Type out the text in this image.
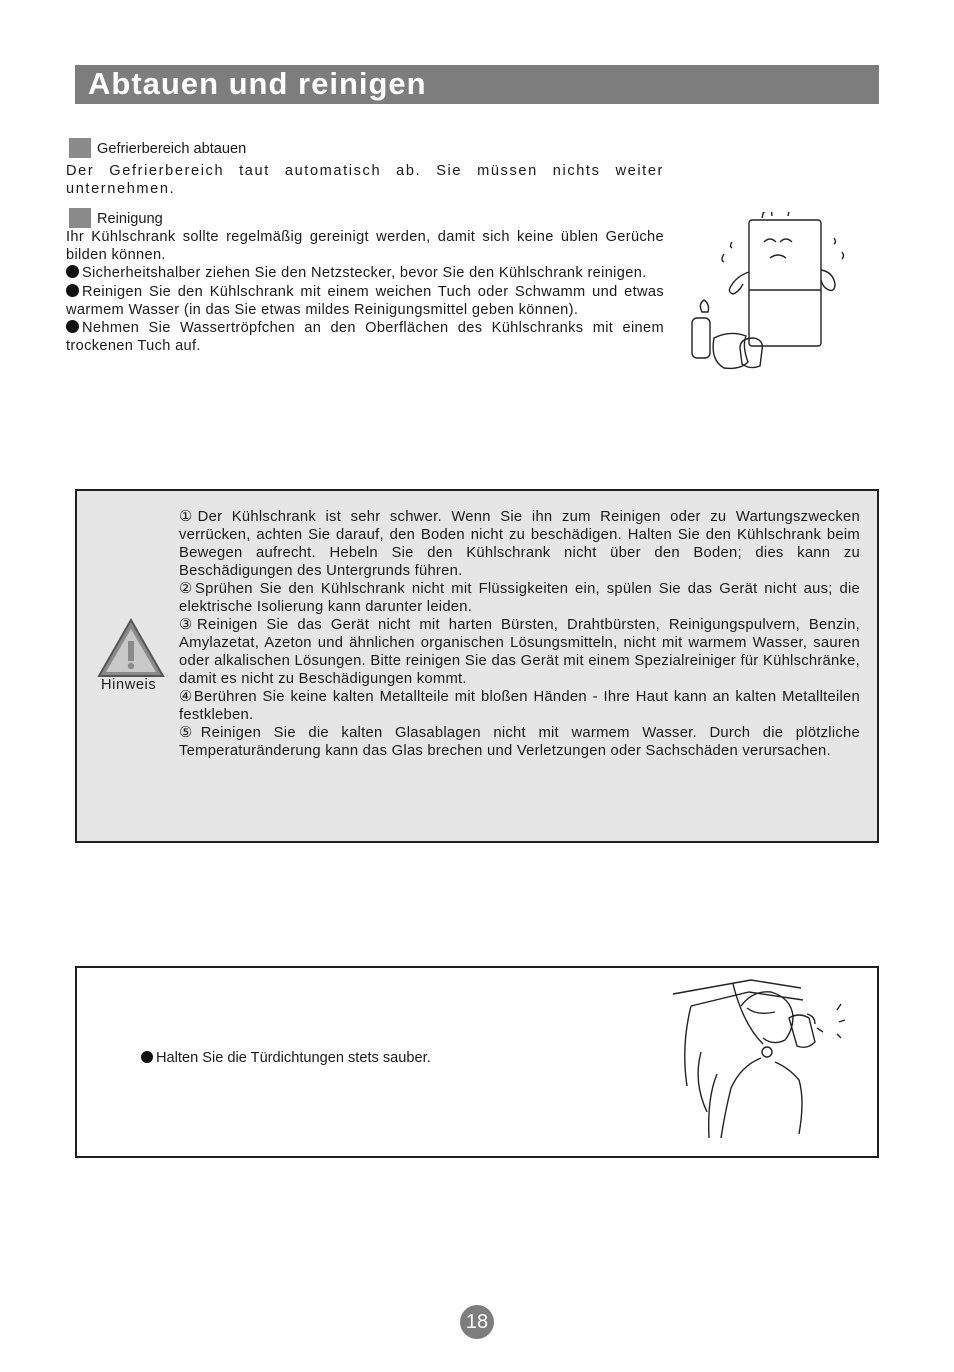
Abtauen und reinigen
Gefrierbereich abtauen
Der Gefrierbereich taut automatisch ab. Sie müssen nichts weiter unternehmen.
Reinigung
Ihr Kühlschrank sollte regelmäßig gereinigt werden, damit sich keine üblen Gerüche bilden können.
Sicherheitshalber ziehen Sie den Netzstecker, bevor Sie den Kühlschrank reinigen.
Reinigen Sie den Kühlschrank mit einem weichen Tuch oder Schwamm und etwas warmem Wasser (in das Sie etwas mildes Reinigungsmittel geben können).
Nehmen Sie Wassertröpfchen an den Oberflächen des Kühlschranks mit einem trockenen Tuch auf.
Hinweis

①Der Kühlschrank ist sehr schwer. Wenn Sie ihn zum Reinigen oder zu Wartungszwecken verrücken, achten Sie darauf, den Boden nicht zu beschädigen. Halten Sie den Kühlschrank beim Bewegen aufrecht. Hebeln Sie den Kühlschrank nicht über den Boden; dies kann zu Beschädigungen des Untergrunds führen.

②Sprühen Sie den Kühlschrank nicht mit Flüssigkeiten ein, spülen Sie das Gerät nicht aus; die elektrische Isolierung kann darunter leiden.

③Reinigen Sie das Gerät nicht mit harten Bürsten, Drahtbürsten, Reinigungspulvern, Benzin, Amylazetat, Azeton und ähnlichen organischen Lösungsmitteln, nicht mit warmem Wasser, sauren oder alkalischen Lösungen. Bitte reinigen Sie das Gerät mit einem Spezialreiniger für Kühlschränke, damit es nicht zu Beschädigungen kommt.

④Berühren Sie keine kalten Metallteile mit bloßen Händen - Ihre Haut kann an kalten Metallteilen festkleben.

⑤Reinigen Sie die kalten Glasablagen nicht mit warmem Wasser. Durch die plötzliche Temperaturänderung kann das Glas brechen und Verletzungen oder Sachschäden verursachen.

Halten Sie die Türdichtungen stets sauber.
18
